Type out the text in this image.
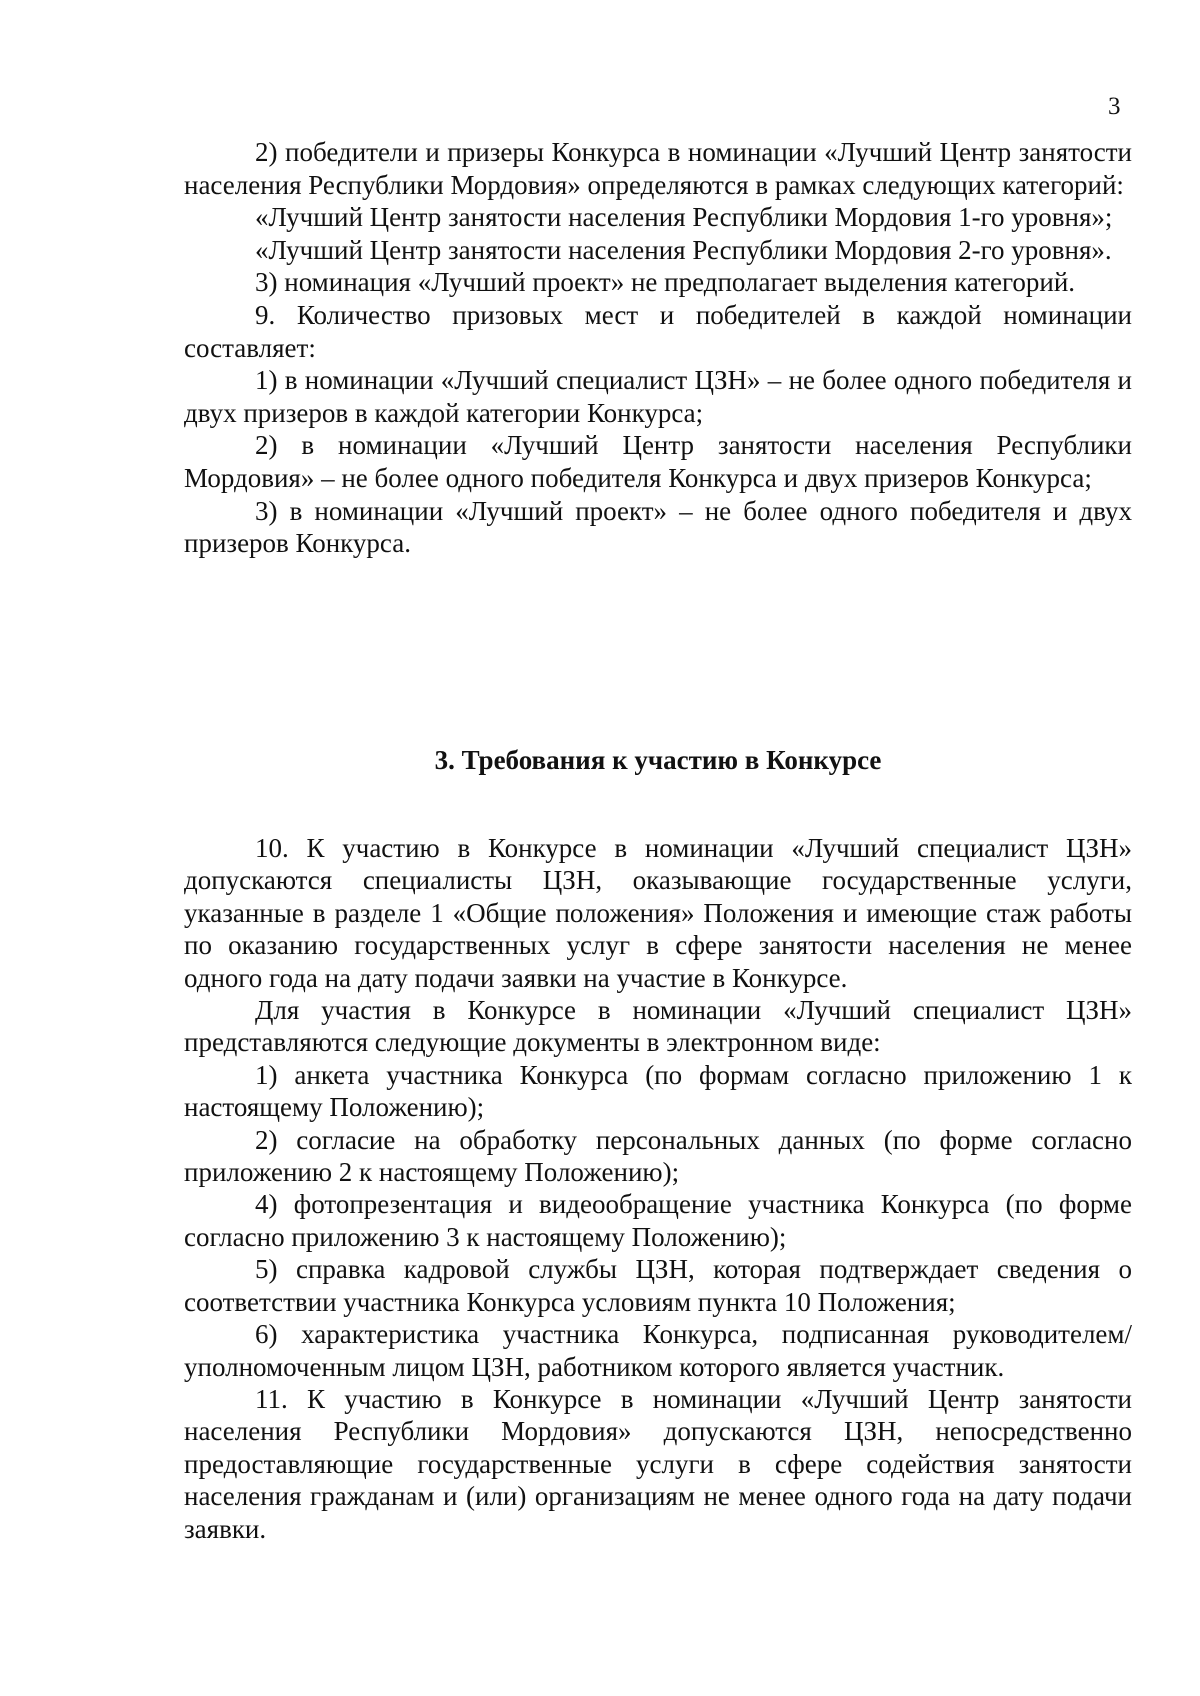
3

2) победители и призеры Конкурса в номинации «Лучший Центр занятости населения Республики Мордовия» определяются в рамках следующих категорий:

«Лучший Центр занятости населения Республики Мордовия 1-го уровня»;

«Лучший Центр занятости населения Республики Мордовия 2-го уровня».

3) номинация «Лучший проект» не предполагает выделения категорий.

9. Количество призовых мест и победителей в каждой номинации составляет:

1) в номинации «Лучший специалист ЦЗН» – не более одного победителя и двух призеров в каждой категории Конкурса;

2) в номинации «Лучший Центр занятости населения Республики Мордовия» – не более одного победителя Конкурса и двух призеров Конкурса;

3) в номинации «Лучший проект» – не более одного победителя и двух призеров Конкурса.

3. Требования к участию в Конкурсе

10. К участию в Конкурсе в номинации «Лучший специалист ЦЗН» допускаются специалисты ЦЗН, оказывающие государственные услуги, указанные в разделе 1 «Общие положения» Положения и имеющие стаж работы по оказанию государственных услуг в сфере занятости населения не менее одного года на дату подачи заявки на участие в Конкурсе.

Для участия в Конкурсе в номинации «Лучший специалист ЦЗН» представляются следующие документы в электронном виде:

1) анкета участника Конкурса (по формам согласно приложению 1 к настоящему Положению);

2) согласие на обработку персональных данных (по форме согласно приложению 2 к настоящему Положению);

4) фотопрезентация и видеообращение участника Конкурса (по форме согласно приложению 3 к настоящему Положению);

5) справка кадровой службы ЦЗН, которая подтверждает сведения о соответствии участника Конкурса условиям пункта 10 Положения;

6) характеристика участника Конкурса, подписанная руководителем/ уполномоченным лицом ЦЗН, работником которого является участник.

11. К участию в Конкурсе в номинации «Лучший Центр занятости населения Республики Мордовия» допускаются ЦЗН, непосредственно предоставляющие государственные услуги в сфере содействия занятости населения гражданам и (или) организациям не менее одного года на дату подачи заявки.
